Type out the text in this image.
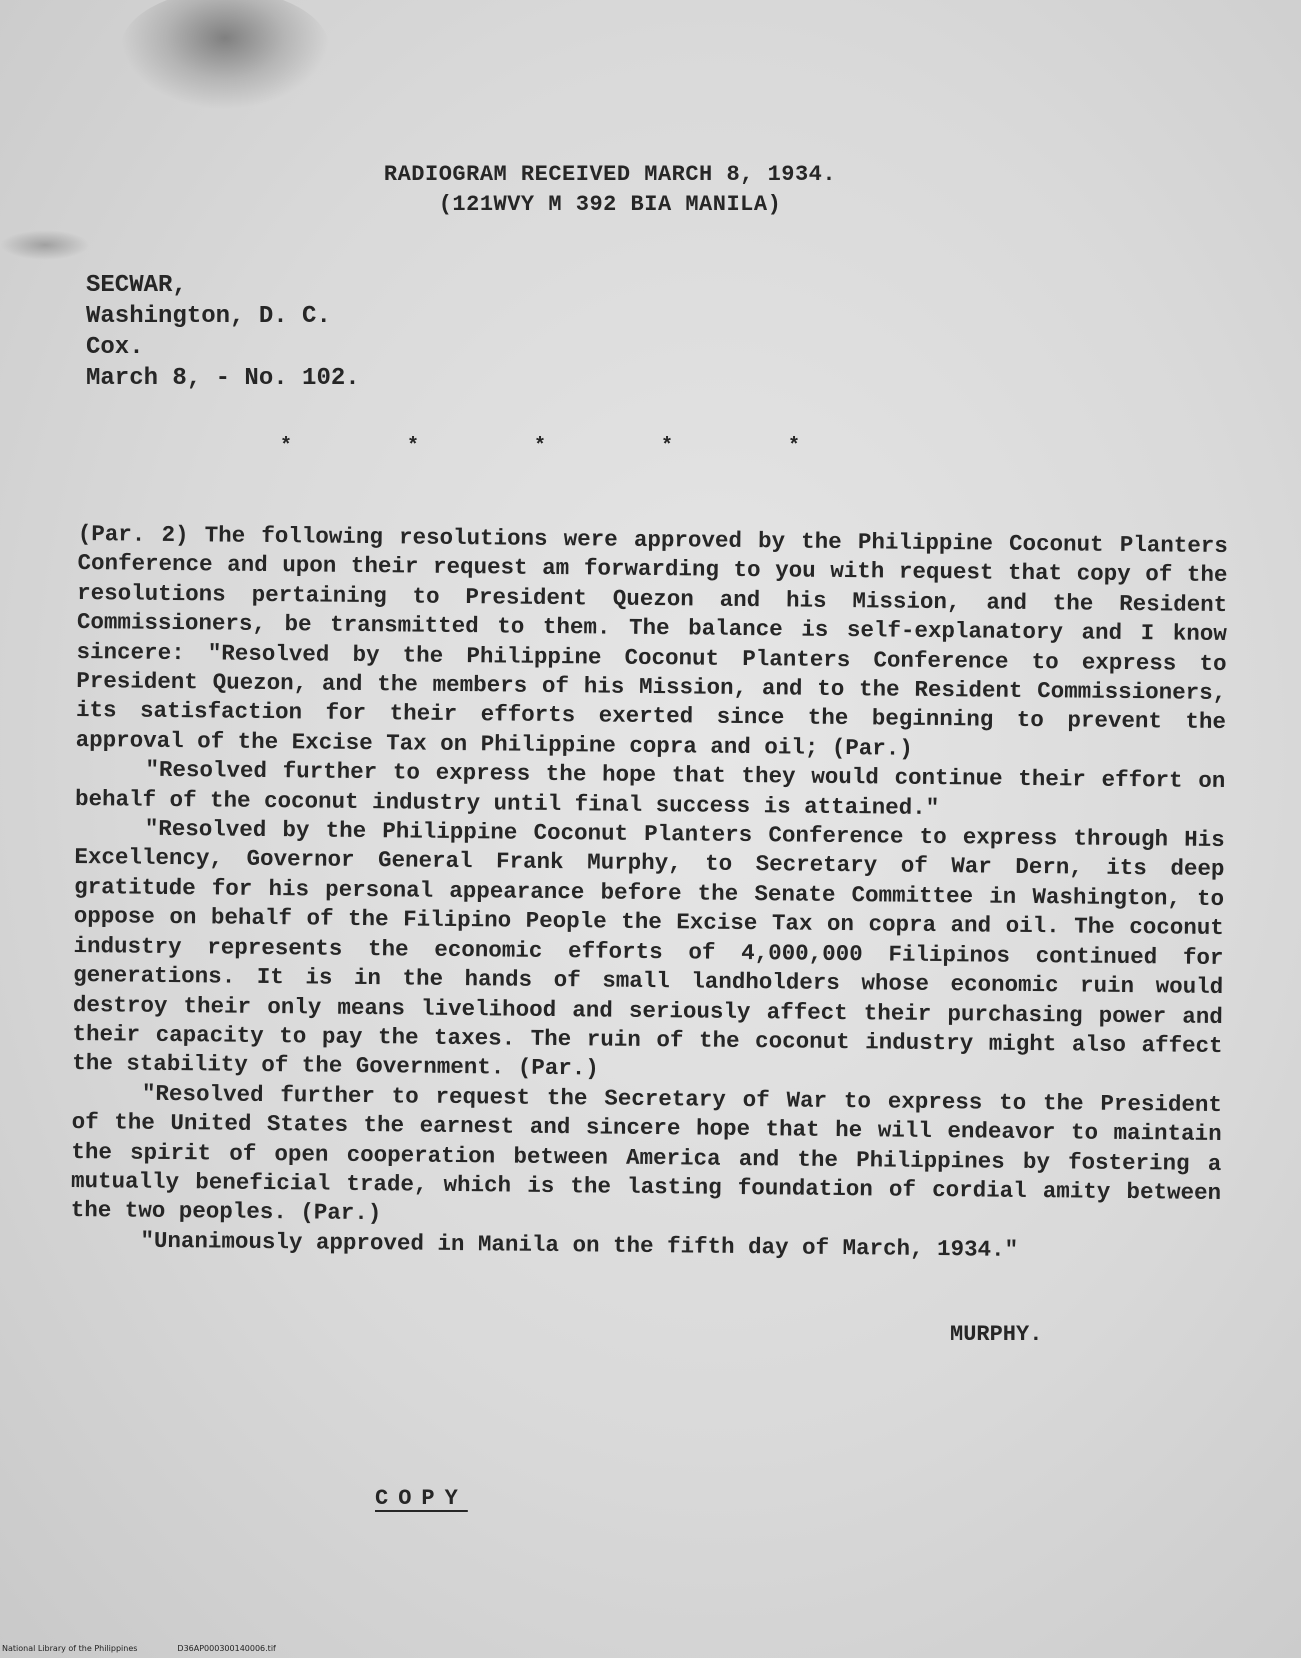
RADIOGRAM RECEIVED MARCH 8, 1934.
(121WVY M 392 BIA MANILA)
SECWAR,
Washington, D. C.
Cox.
March 8, - No. 102.
*	*	*	*	*

(Par. 2) The following resolutions were approved by the Philippine Coconut Planters Conference and upon their request am forwarding to you with request that copy of the resolutions pertaining to President Quezon and his Mission, and the Resident Commissioners, be transmitted to them. The balance is self-explanatory and I know sincere: "Resolved by the Philippine Coconut Planters Conference to express to President Quezon, and the members of his Mission, and to the Resident Commissioners, its satisfaction for their efforts exerted since the beginning to prevent the approval of the Excise Tax on Philippine copra and oil; (Par.)

"Resolved further to express the hope that they would continue their effort on behalf of the coconut industry until final success is attained."

"Resolved by the Philippine Coconut Planters Conference to express through His Excellency, Governor General Frank Murphy, to Secretary of War Dern, its deep gratitude for his personal appearance before the Senate Committee in Washington, to oppose on behalf of the Filipino People the Excise Tax on copra and oil. The coconut industry represents the economic efforts of 4,000,000 Filipinos continued for generations. It is in the hands of small landholders whose economic ruin would destroy their only means livelihood and seriously affect their purchasing power and their capacity to pay the taxes. The ruin of the coconut industry might also affect the stability of the Government. (Par.)

"Resolved further to request the Secretary of War to express to the President of the United States the earnest and sincere hope that he will endeavor to maintain the spirit of open cooperation between America and the Philippines by fostering a mutually beneficial trade, which is the lasting foundation of cordial amity between the two peoples. (Par.)

"Unanimously approved in Manila on the fifth day of March, 1934."

MURPHY.
COPY
National Library of the Philippines	D36AP000300140006.tif
